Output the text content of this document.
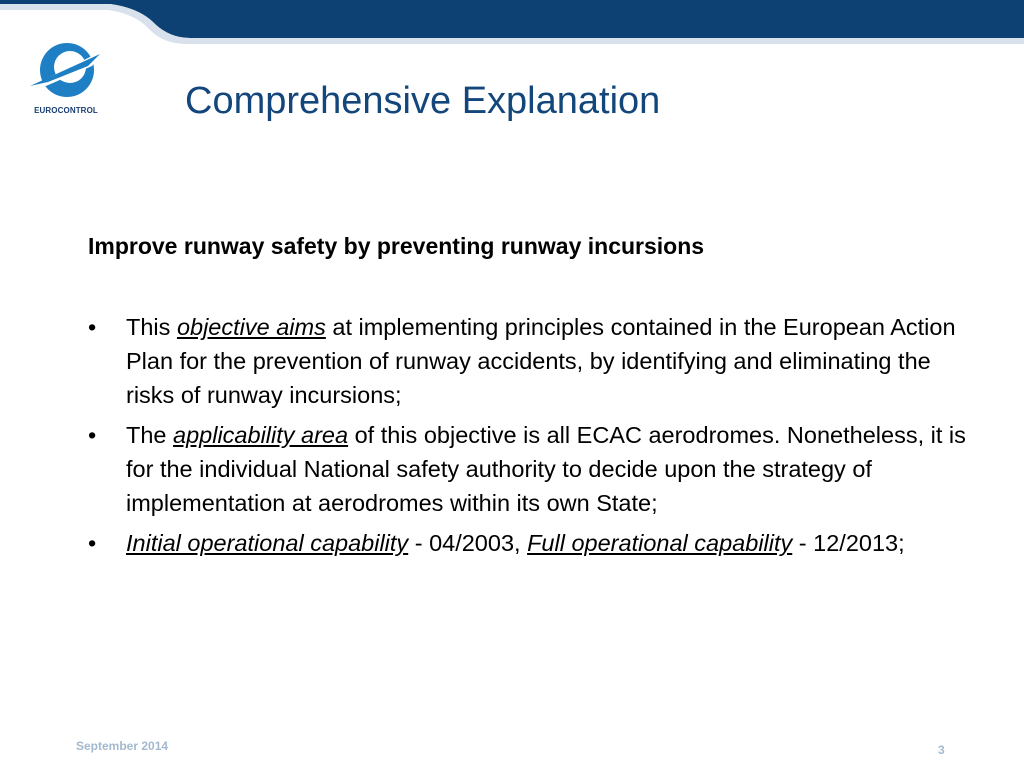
EUROCONTROL Comprehensive Explanation

Improve runway safety by preventing runway incursions

• This objective aims at implementing principles contained in the European Action Plan for the prevention of runway accidents, by identifying and eliminating the risks of runway incursions;
• The applicability area of this objective is all ECAC aerodromes. Nonetheless, it is for the individual National safety authority to decide upon the strategy of implementation at aerodromes within its own State;
• Initial operational capability - 04/2003, Full operational capability - 12/2013;
September 2014	3
